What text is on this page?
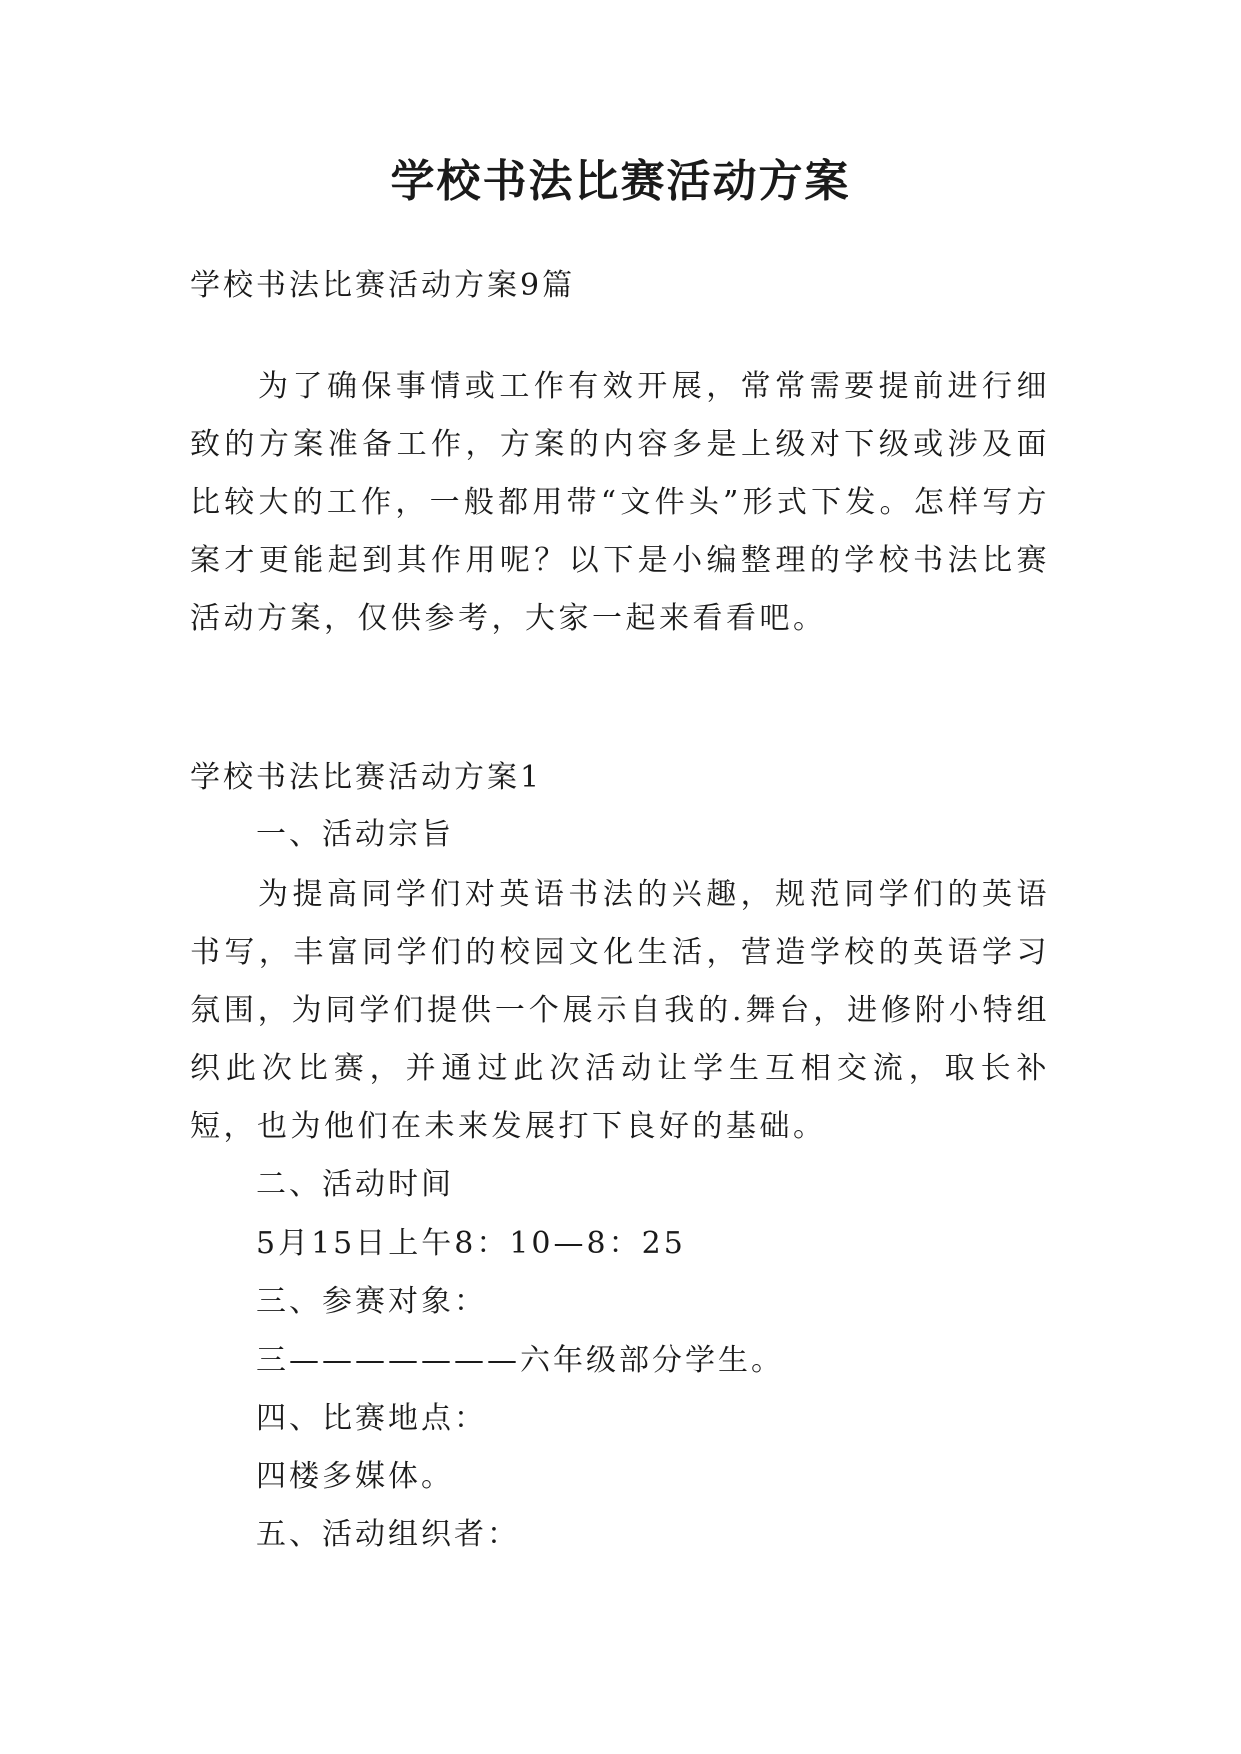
学校书法比赛活动方案
学校书法比赛活动方案9篇
为了确保事情或工作有效开展，常常需要提前进行细致的方案准备工作，方案的内容多是上级对下级或涉及面比较大的工作，一般都用带“文件头”形式下发。怎样写方案才更能起到其作用呢？以下是小编整理的学校书法比赛活动方案，仅供参考，大家一起来看看吧。
学校书法比赛活动方案1
一、活动宗旨
为提高同学们对英语书法的兴趣，规范同学们的英语书写，丰富同学们的校园文化生活，营造学校的英语学习氛围，为同学们提供一个展示自我的.舞台，进修附小特组织此次比赛，并通过此次活动让学生互相交流，取长补短，也为他们在未来发展打下良好的基础。
二、活动时间
5月15日上午8：10—8：25
三、参赛对象：
三———————六年级部分学生。
四、比赛地点：
四楼多媒体。
五、活动组织者：
